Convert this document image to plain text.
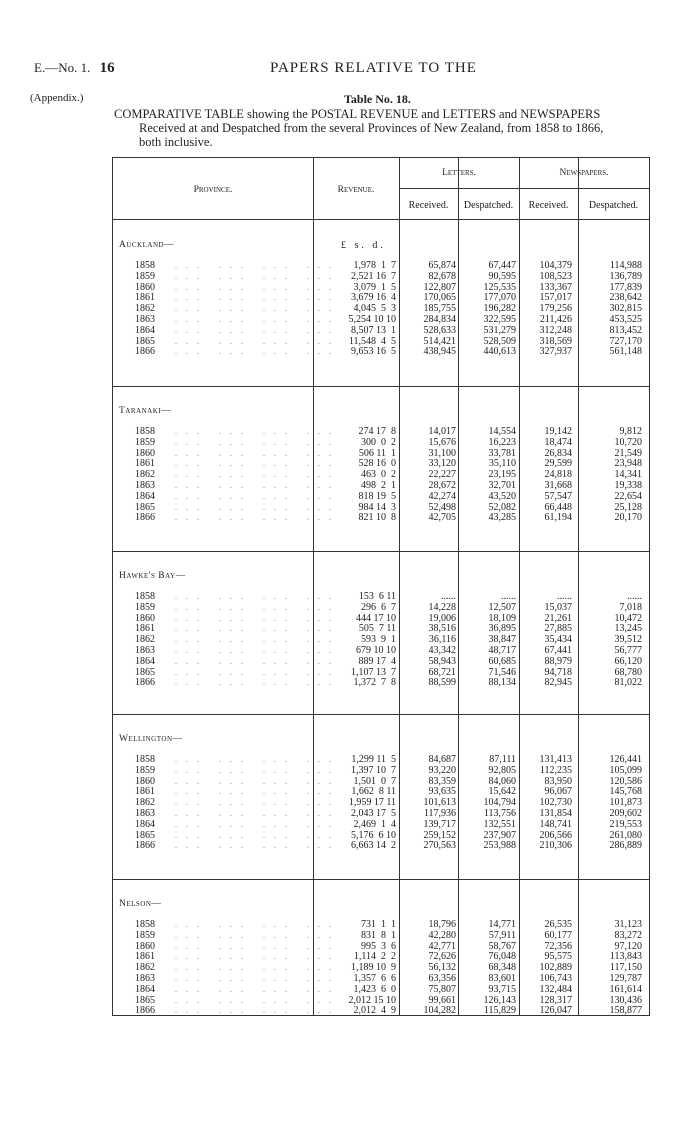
E.—No. 1. 16	PAPERS RELATIVE TO THE
(Appendix.)	Table No. 18.
COMPARATIVE TABLE showing the POSTAL REVENUE and LETTERS and NEWSPAPERS
Received at and Despatched from the several Provinces of New Zealand, from 1858 to 1866,
both inclusive.
Province.	Revenue.
Letters.	Newspapers.
Received.	Despatched.	Received.	Despatched.
£ s. d.
Auckland—
1858	... ... ... ...	1,978  1  7	65,874	67,447	104,379	114,988
1859	... ... ... ...	2,521 16  7	82,678	90,595	108,523	136,789
1860	... ... ... ...	3,079  1  5	122,807	125,535	133,367	177,839
1861	... ... ... ...	3,679 16  4	170,065	177,070	157,017	238,642
1862	... ... ... ...	4,045  5  3	185,755	196,282	179,256	302,815
1863	... ... ... ... 5,254 10 10	284,834	322,595	211,426	453,525
1864	... ... ... ...	8,507 13  1	528,633	531,279	312,248	813,452
1865	... ... ... ... 11,548  4  5	514,421	528,509	318,569	727,170
1866	... ... ... ...	9,653 16  5	438,945	440,613	327,937	561,148
Taranaki—
1858	... ... ... ...	274 17  8	14,017	14,554	19,142	9,812
1859	... ... ... ...	300  0  2	15,676	16,223	18,474	10,720
1860	... ... ... ...	506 11  1	31,100	33,781	26,834	21,549
1861	... ... ... ...	528 16  0	33,120	35,110	29,599	23,948
1862	... ... ... ...	463  0  2	22,227	23,195	24,818	14,341
1863	... ... ... ...	498  2  1	28,672	32,701	31,668	19,338
1864	... ... ... ...	818 19  5	42,274	43,520	57,547	22,654
1865	... ... ... ...	984 14  3	52,498	52,082	66,448	25,128
1866	... ... ... ...	821 10  8	42,705	43,285	61,194	20,170
Hawke's Bay—
1858	... ... ... ...	153  6 11	......	......	......	......
1859	... ... ... ...	296  6  7	14,228	12,507	15,037	7,018
1860	... ... ... ...	444 17 10	19,006	18,109	21,261	10,472
1861	... ... ... ...	505  7 11	38,516	36,895	27,885	13,245
1862	... ... ... ...	593  9  1	36,116	38,847	35,434	39,512
1863	... ... ... ...	679 10 10	43,342	48,717	67,441	56,777
1864	... ... ... ...	889 17  4	58,943	60,685	88,979	66,120
1865	... ... ... ...	1,107 13  7	68,721	71,546	94,718	68,780
1866	... ... ... ...	1,372  7  8	88,599	88,134	82,945	81,022
Wellington—
1858	... ... ... ...	1,299 11  5	84,687	87,111	131,413	126,441
1859	... ... ... ...	1,397 10  7	93,220	92,805	112,235	105,099
1860	... ... ... ...	1,501  0  7	83,359	84,060	83,950	120,586
1861	... ... ... ...	1,662  8 11	93,635	15,642	96,067	145,768
1862	... ... ... ... 1,959 17 11	101,613	104,794	102,730	101,873
1863	... ... ... ...	2,043 17  5	117,936	113,756	131,854	209,602
1864	... ... ... ...	2,469  1  4	139,717	132,551	148,741	219,553
1865	... ... ... ...	5,176  6 10	259,152	237,907	206,566	261,080
1866	... ... ... ...	6,663 14  2	270,563	253,988	210,306	286,889
Nelson—
1858	... ... ... ...	731  1  1	18,796	14,771	26,535	31,123
1859	... ... ... ...	831  8  1	42,280	57,911	60,177	83,272
1860	... ... ... ...	995  3  6	42,771	58,767	72,356	97,120
1861	... ... ... ...	1,114  2  2	72,626	76,048	95,575	113,843
1862	... ... ... ...	1,189 10  9	56,132	68,348	102,889	117,150
1863	... ... ... ...	1,357  6  6	63,356	83,601	106,743	129,787
1864	... ... ... ...	1,423  6  0	75,807	93,715	132,484	161,614
1865	... ... ... ... 2,012 15 10	99,661	126,143	128,317	130,436
1866	... ... ... ...	2,012  4  9	104,282	115,829	126,047	158,877
